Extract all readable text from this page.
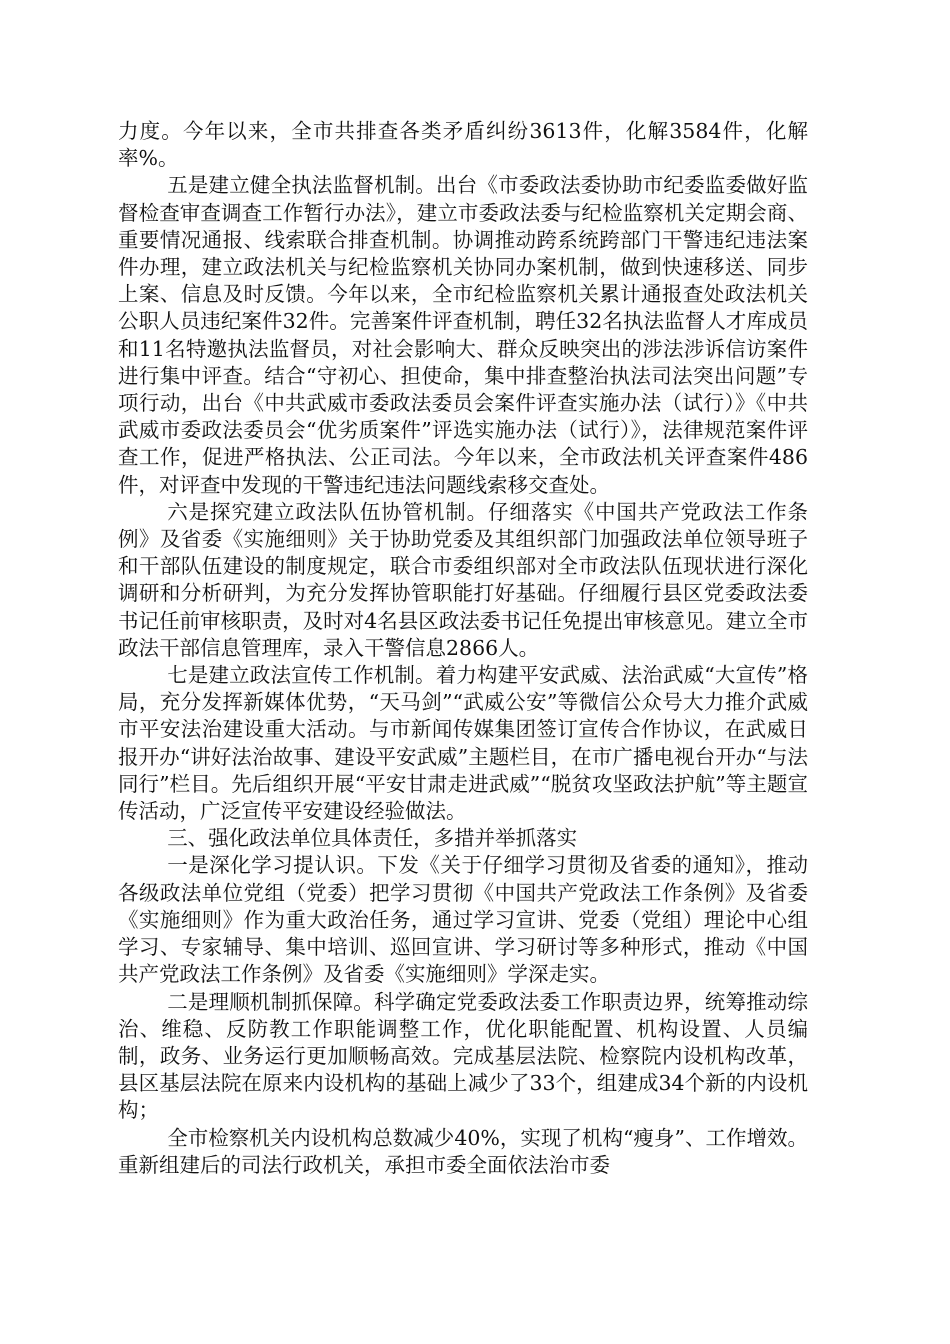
力度。今年以来，全市共排查各类矛盾纠纷3613件，化解3584件，化解率%。

五是建立健全执法监督机制。出台《市委政法委协助市纪委监委做好监督检查审查调查工作暂行办法》，建立市委政法委与纪检监察机关定期会商、重要情况通报、线索联合排查机制。协调推动跨系统跨部门干警违纪违法案件办理，建立政法机关与纪检监察机关协同办案机制，做到快速移送、同步上案、信息及时反馈。今年以来，全市纪检监察机关累计通报查处政法机关公职人员违纪案件32件。完善案件评查机制，聘任32名执法监督人才库成员和11名特邀执法监督员，对社会影响大、群众反映突出的涉法涉诉信访案件进行集中评查。结合“守初心、担使命，集中排查整治执法司法突出问题”专项行动，出台《中共武威市委政法委员会案件评查实施办法（试行）》《中共武威市委政法委员会“优劣质案件”评选实施办法（试行）》，法律规范案件评查工作，促进严格执法、公正司法。今年以来，全市政法机关评查案件486件，对评查中发现的干警违纪违法问题线索移交查处。

六是探究建立政法队伍协管机制。仔细落实《中国共产党政法工作条例》及省委《实施细则》关于协助党委及其组织部门加强政法单位领导班子和干部队伍建设的制度规定，联合市委组织部对全市政法队伍现状进行深化调研和分析研判，为充分发挥协管职能打好基础。仔细履行县区党委政法委书记任前审核职责，及时对4名县区政法委书记任免提出审核意见。建立全市政法干部信息管理库，录入干警信息2866人。

七是建立政法宣传工作机制。着力构建平安武威、法治武威“大宣传”格局，充分发挥新媒体优势，“天马剑”“武威公安”等微信公众号大力推介武威市平安法治建设重大活动。与市新闻传媒集团签订宣传合作协议，在武威日报开办“讲好法治故事、建设平安武威”主题栏目，在市广播电视台开办“与法同行”栏目。先后组织开展“平安甘肃走进武威”“脱贫攻坚政法护航”等主题宣传活动，广泛宣传平安建设经验做法。

三、强化政法单位具体责任，多措并举抓落实

一是深化学习提认识。下发《关于仔细学习贯彻及省委的通知》，推动各级政法单位党组（党委）把学习贯彻《中国共产党政法工作条例》及省委《实施细则》作为重大政治任务，通过学习宣讲、党委（党组）理论中心组学习、专家辅导、集中培训、巡回宣讲、学习研讨等多种形式，推动《中国共产党政法工作条例》及省委《实施细则》学深走实。

二是理顺机制抓保障。科学确定党委政法委工作职责边界，统筹推动综治、维稳、反防教工作职能调整工作，优化职能配置、机构设置、人员编制，政务、业务运行更加顺畅高效。完成基层法院、检察院内设机构改革，县区基层法院在原来内设机构的基础上减少了33个，组建成34个新的内设机构；

全市检察机关内设机构总数减少40%，实现了机构“瘦身”、工作增效。重新组建后的司法行政机关，承担市委全面依法治市委
